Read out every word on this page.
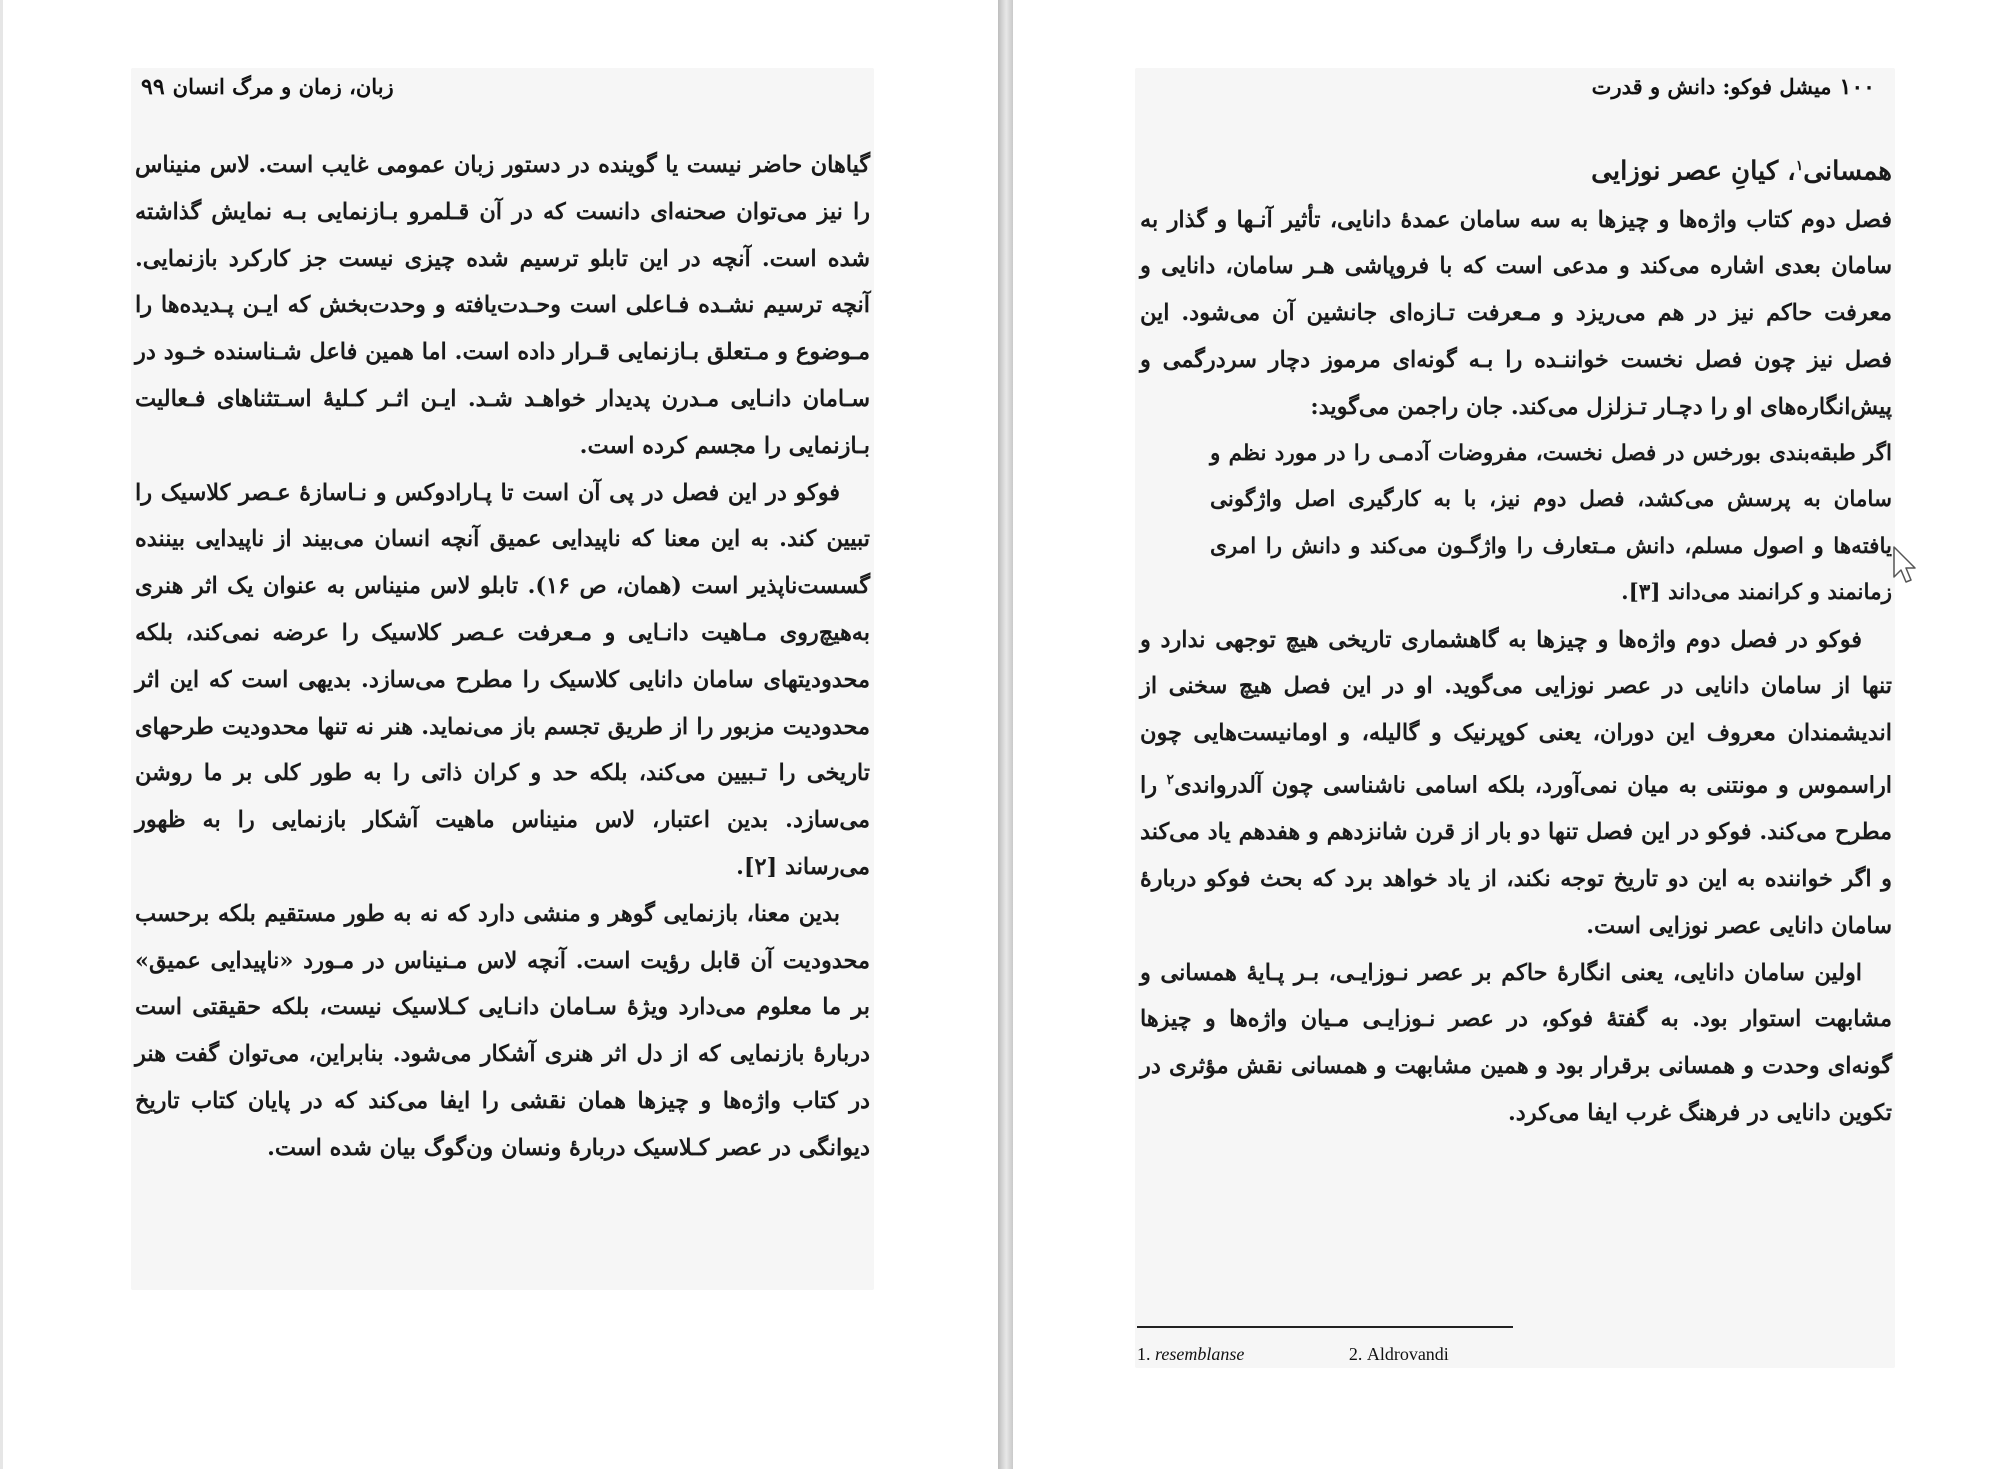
زبان، زمان و مرگ انسان۹۹

گیاهان حاضر نیست یا گوینده در دستور زبان عمومی غایب است. لاس منیناس را نیز می‌توان صحنه‌ای دانست که در آن قـلمرو بـازنمایی بـه نمایش گذاشته شده است. آنچه در این تابلو ترسیم شده چیزی نیست جز کارکرد بازنمایی. آنچه ترسیم نشـده فـاعلی است وحـدت‌یافته و وحدت‌بخش که ایـن پـدیده‌ها را مـوضوع و مـتعلق بـازنمایی قـرار داده است. اما همین فاعل شـناسنده خـود در سـامان دانـایی مـدرن پدیدار خواهـد شـد. ایـن اثـر کـلیهٔ اسـتثناهای فـعالیت بـازنمایی را مجسم کرده است.

فوکو در این فصل در پی آن است تا پـارادوکس و نـاسازهٔ عـصر کلاسیک را تبیین کند. به این معنا که ناپیدایی عمیق آنچه انسان می‌بیند از ناپیدایی بیننده گسست‌ناپذیر است (همان، ص ۱۶). تابلو لاس منیناس به عنوان یک اثر هنری به‌هیچ‌روی مـاهیت دانـایی و مـعرفت عـصر کلاسیک را عرضه نمی‌کند، بلکه محدودیتهای سامان دانایی کلاسیک را مطرح می‌سازد. بدیهی است که این اثر محدودیت مزبور را از طریق تجسم باز می‌نماید. هنر نه تنها محدودیت طرحهای تاریخی را تـبیین می‌کند، بلکه حد و کران ذاتی را به طور کلی بر ما روشن می‌سازد. بدین اعتبار، لاس منیناس ماهیت آشکار بازنمایی را به ظهور می‌رساند [۲].

بدین معنا، بازنمایی گوهر و منشی دارد که نه به طور مستقیم بلکه برحسب محدودیت آن قابل رؤیت است. آنچه لاس مـنیناس در مـورد «ناپیدایی عمیق» بر ما معلوم می‌دارد ویژهٔ سـامان دانـایی کـلاسیک نیست، بلکه حقیقتی است دربارهٔ بازنمایی که از دل اثر هنری آشکار می‌شود. بنابراین، می‌توان گفت هنر در کتاب واژه‌ها و چیزها همان نقشی را ایفا می‌کند که در پایان کتاب تاریخ دیوانگی در عصر کـلاسیک دربارهٔ ونسان ون‌گوگ بیان شده است.

۱۰۰میشل فوکو: دانش و قدرت

همسانی$^۱$، کیانِ عصر نوزایی

فصل دوم کتاب واژه‌ها و چیزها به سه سامان عمدهٔ دانایی، تأثیر آنـها و گذار به سامان بعدی اشاره می‌کند و مدعی است که با فروپاشی هـر سامان، دانایی و معرفت حاکم نیز در هم می‌ریزد و مـعرفت تـازه‌ای جانشین آن می‌شود. این فصل نیز چون فصل نخست خواننـده را بـه گونه‌ای مرموز دچار سردرگمی و پیش‌انگاره‌های او را دچـار تـزلزل می‌کند. جان راجمن می‌گوید:

اگر طبقه‌بندی بورخس در فصل نخست، مفروضات آدمـی را در مورد نظم و سامان به پرسش می‌کشد، فصل دوم نیز، با به کارگیری اصل واژگونی یافته‌ها و اصول مسلم، دانش مـتعارف را واژگـون می‌کند و دانش را امری زمانمند و کرانمند می‌داند [۳].

فوکو در فصل دوم واژه‌ها و چیزها به گاهشماری تاریخی هیچ توجهی ندارد و تنها از سامان دانایی در عصر نوزایی می‌گوید. او در این فصل هیچ سخنی از اندیشمندان معروف این دوران، یعنی کوپرنیک و گالیله، و اومانیست‌هایی چون اراسموس و مونتنی به میان نمی‌آورد، بلکه اسامی ناشناسی چون آلدرواندی$^۲$ را مطرح می‌کند. فوکو در این فصل تنها دو بار از قرن شانزدهم و هفدهم یاد می‌کند و اگر خواننده به این دو تاریخ توجه نکند، از یاد خواهد برد که بحث فوکو دربارهٔ سامان دانایی عصر نوزایی است.

اولین سامان دانایی، یعنی انگارهٔ حاکم بر عصر نـوزایـی، بـر پـایهٔ همسانی و مشابهت استوار بود. به گفتهٔ فوکو، در عصر نـوزایـی مـیان واژه‌ها و چیزها گونه‌ای وحدت و همسانی برقرار بود و همین مشابهت و همسانی نقش مؤثری در تکوین دانایی در فرهنگ غرب ایفا می‌کرد.

1. resemblanse	2. Aldrovandi
